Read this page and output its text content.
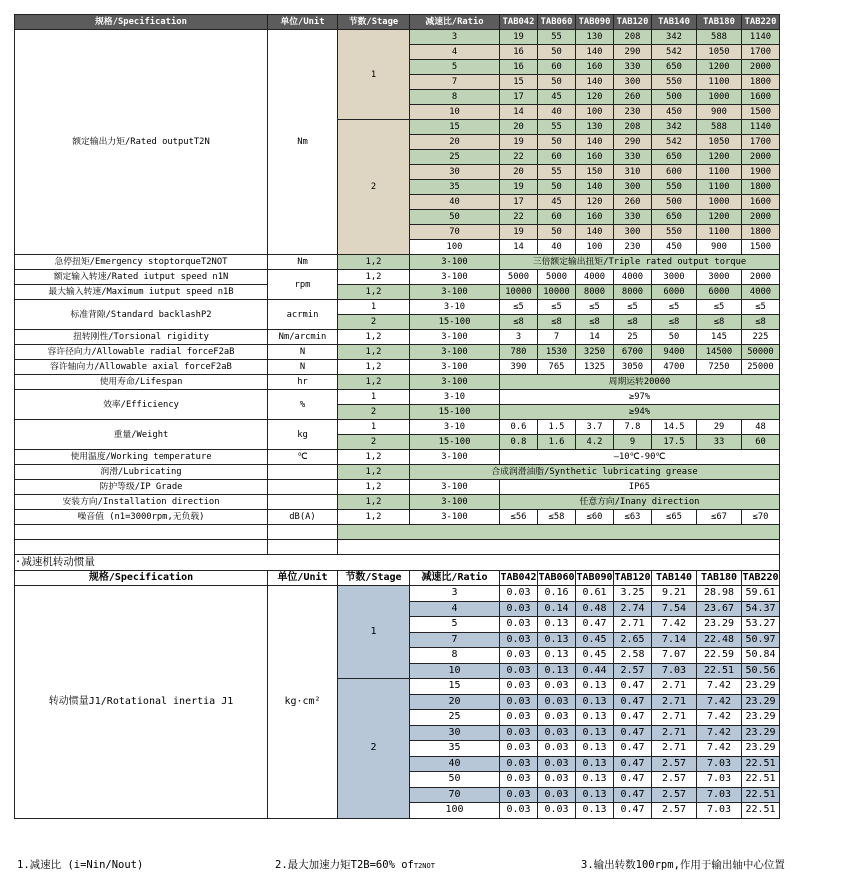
规格/Specification	单位/Unit	节数/Stage	减速比/Ratio	TAB042	TAB060	TAB090	TAB120	TAB140	TAB180	TAB220
额定输出力矩/Rated outputT2N	Nm	1	3	19	55	130	208	342	588	1140
			4	16	50	140	290	542	1050	1700
			5	16	60	160	330	650	1200	2000
			7	15	50	140	300	550	1100	1800
			8	17	45	120	260	500	1000	1600
			10	14	40	100	230	450	900	1500
		2	15	20	55	130	208	342	588	1140
			20	19	50	140	290	542	1050	1700
			25	22	60	160	330	650	1200	2000
			30	20	55	150	310	600	1100	1900
			35	19	50	140	300	550	1100	1800
			40	17	45	120	260	500	1000	1600
			50	22	60	160	330	650	1200	2000
			70	19	50	140	300	550	1100	1800
			100	14	40	100	230	450	900	1500
急停扭矩/Emergency stoptorqueT2NOT	Nm	1,2	3-100	三倍额定输出扭矩/Triple rated output torque						
额定输入转速/Rated iutput speed n1N	rpm	1,2	3-100	5000	5000	4000	4000	3000	3000	2000
最大输入转速/Maximum iutput speed n1B		1,2	3-100	10000	10000	8000	8000	6000	6000	4000
标准背隙/Standard backlashP2	acrmin	1	3-10	≤5	≤5	≤5	≤5	≤5	≤5	≤5
		2	15-100	≤8	≤8	≤8	≤8	≤8	≤8	≤8
扭转刚性/Torsional rigidity	Nm/arcmin	1,2	3-100	3	7	14	25	50	145	225
容许径向力/Allowable radial forceF2aB	N	1,2	3-100	780	1530	3250	6700	9400	14500	50000
容许轴向力/Allowable axial forceF2aB	N	1,2	3-100	390	765	1325	3050	4700	7250	25000
使用寿命/Lifespan	hr	1,2	3-100	周期运转20000						
效率/Efficiency	%	1	3-10	≥97%						
		2	15-100	≥94%						
重量/Weight	kg	1	3-10	0.6	1.5	3.7	7.8	14.5	29	48
		2	15-100	0.8	1.6	4.2	9	17.5	33	60
使用温度/Working temperature	℃	1,2	3-100	—10℃-90℃						
润滑/Lubricating		1,2	合成润滑油脂/Synthetic lubricating grease							
防护等级/IP Grade		1,2	3-100	IP65						
安装方向/Installation direction		1,2	3-100	任意方向/Inany direction						
噪音值 (n1=3000rpm,无负载)	dB(A)	1,2	3-100	≤56	≤58	≤60	≤63	≤65	≤67	≤70

·减速机转动惯量										
规格/Specification	单位/Unit	节数/Stage	减速比/Ratio	TAB042	TAB060	TAB090	TAB120	TAB140	TAB180	TAB220
转动惯量J1/Rotational inertia J1	kg·cm²	1	3	0.03	0.16	0.61	3.25	9.21	28.98	59.61
			4	0.03	0.14	0.48	2.74	7.54	23.67	54.37
			5	0.03	0.13	0.47	2.71	7.42	23.29	53.27
			7	0.03	0.13	0.45	2.65	7.14	22.48	50.97
			8	0.03	0.13	0.45	2.58	7.07	22.59	50.84
			10	0.03	0.13	0.44	2.57	7.03	22.51	50.56
		2	15	0.03	0.03	0.13	0.47	2.71	7.42	23.29
			20	0.03	0.03	0.13	0.47	2.71	7.42	23.29
			25	0.03	0.03	0.13	0.47	2.71	7.42	23.29
			30	0.03	0.03	0.13	0.47	2.71	7.42	23.29
			35	0.03	0.03	0.13	0.47	2.71	7.42	23.29
			40	0.03	0.03	0.13	0.47	2.57	7.03	22.51
			50	0.03	0.03	0.13	0.47	2.57	7.03	22.51
			70	0.03	0.03	0.13	0.47	2.57	7.03	22.51
			100	0.03	0.03	0.13	0.47	2.57	7.03	22.51
1.减速比 (i=Nin/Nout)	2.最大加速力矩T2B=60% ofT2NOT	3.输出转数100rpm,作用于输出轴中心位置
